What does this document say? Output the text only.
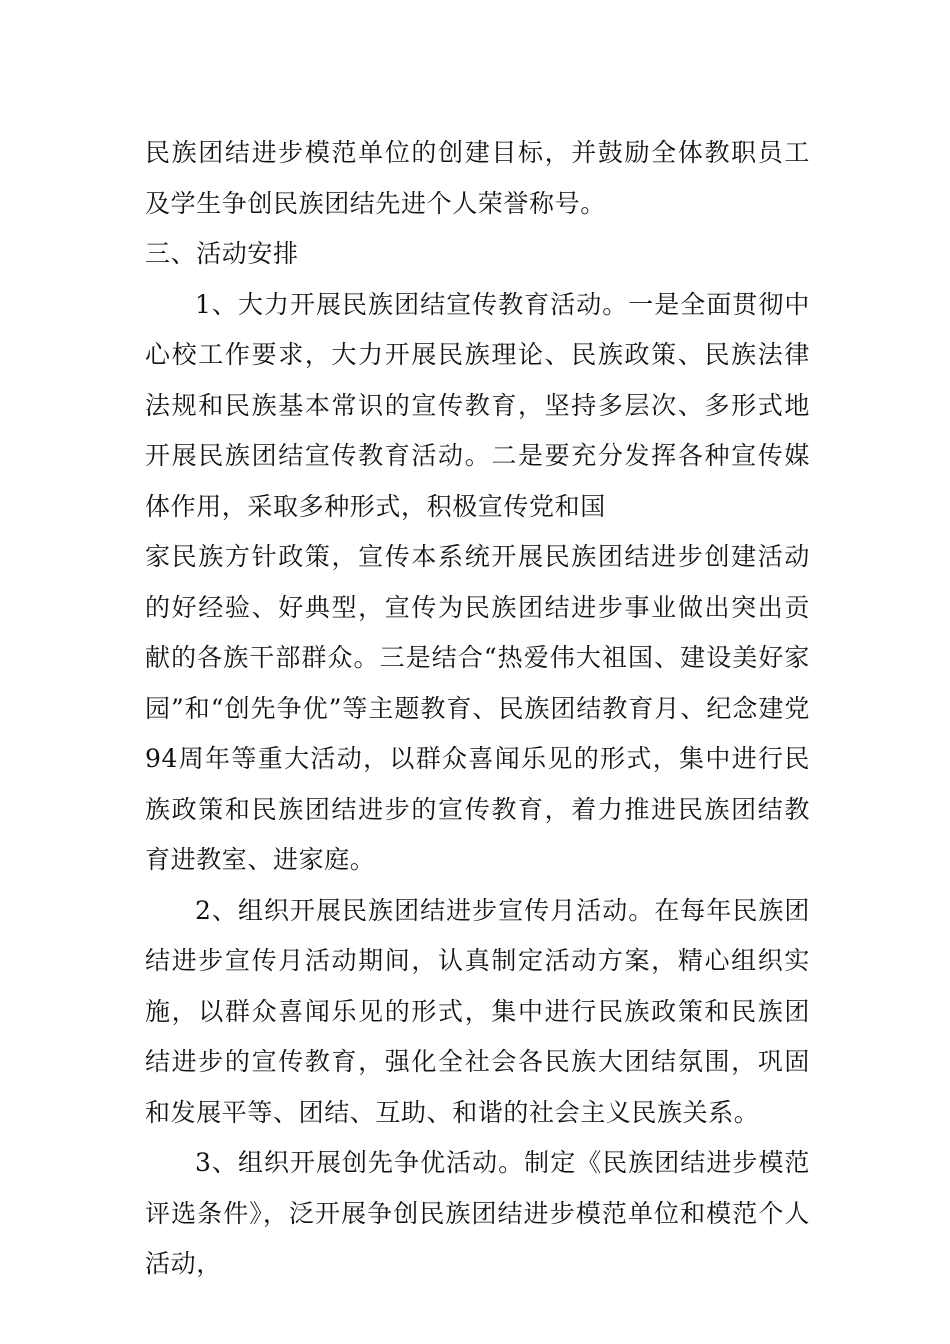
民族团结进步模范单位的创建目标，并鼓励全体教职员工及学生争创民族团结先进个人荣誉称号。

三、活动安排

1、大力开展民族团结宣传教育活动。一是全面贯彻中心校工作要求，大力开展民族理论、民族政策、民族法律法规和民族基本常识的宣传教育，坚持多层次、多形式地开展民族团结宣传教育活动。二是要充分发挥各种宣传媒体作用，采取多种形式，积极宣传党和国

家民族方针政策，宣传本系统开展民族团结进步创建活动的好经验、好典型，宣传为民族团结进步事业做出突出贡献的各族干部群众。三是结合“热爱伟大祖国、建设美好家园”和“创先争优”等主题教育、民族团结教育月、纪念建党94周年等重大活动，以群众喜闻乐见的形式，集中进行民族政策和民族团结进步的宣传教育，着力推进民族团结教育进教室、进家庭。

2、组织开展民族团结进步宣传月活动。在每年民族团结进步宣传月活动期间，认真制定活动方案，精心组织实施，以群众喜闻乐见的形式，集中进行民族政策和民族团结进步的宣传教育，强化全社会各民族大团结氛围，巩固和发展平等、团结、互助、和谐的社会主义民族关系。

3、组织开展创先争优活动。制定《民族团结进步模范评选条件》，泛开展争创民族团结进步模范单位和模范个人活动，
